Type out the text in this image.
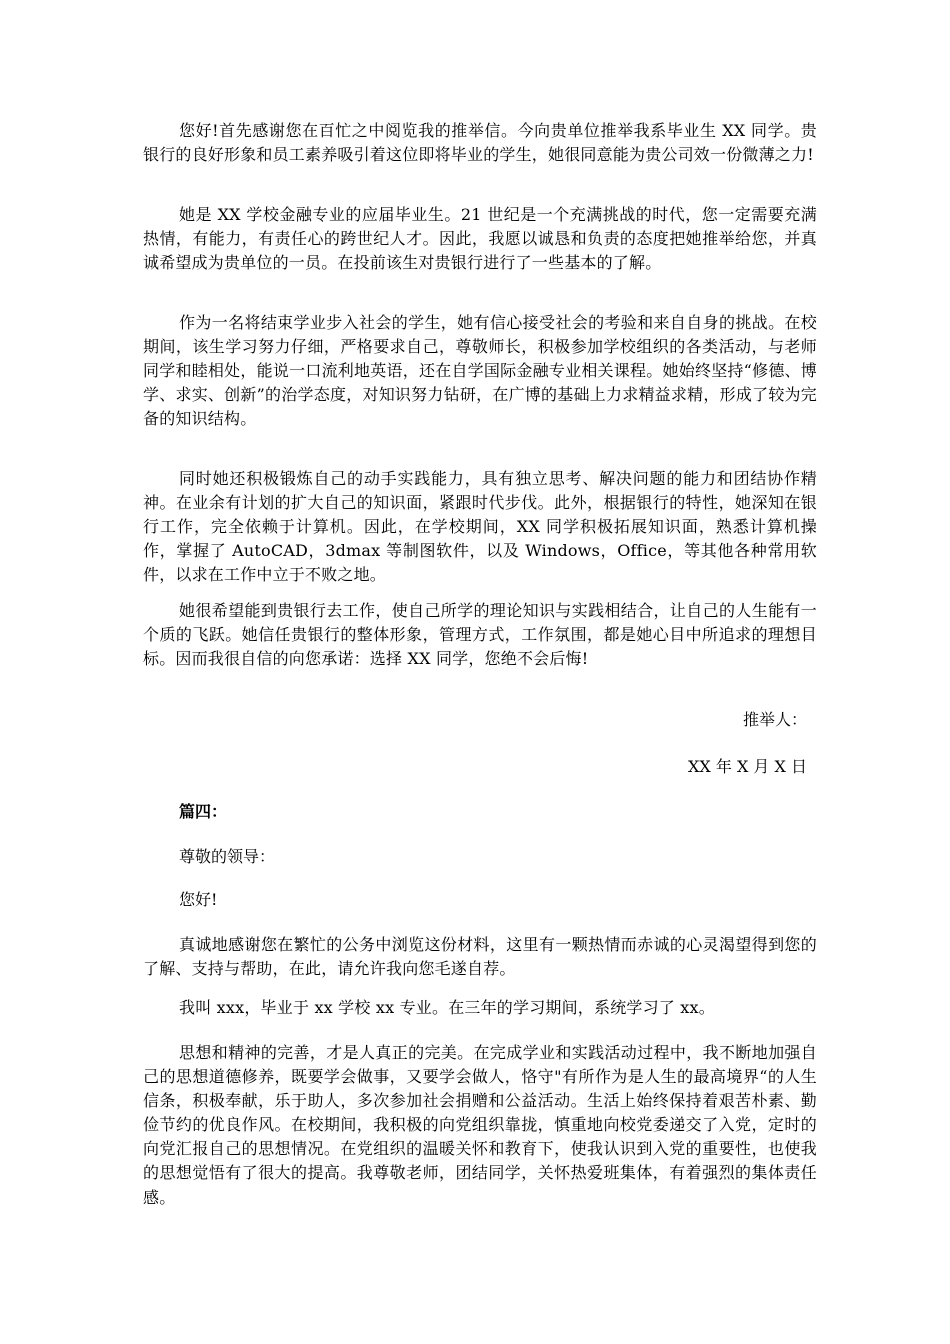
您好!首先感谢您在百忙之中阅览我的推举信。今向贵单位推举我系毕业生 XX 同学。贵银行的良好形象和员工素养吸引着这位即将毕业的学生，她很同意能为贵公司效一份微薄之力!

她是 XX 学校金融专业的应届毕业生。21 世纪是一个充满挑战的时代，您一定需要充满热情，有能力，有责任心的跨世纪人才。因此，我愿以诚恳和负责的态度把她推举给您，并真诚希望成为贵单位的一员。在投前该生对贵银行进行了一些基本的了解。

作为一名将结束学业步入社会的学生，她有信心接受社会的考验和来自自身的挑战。在校期间，该生学习努力仔细，严格要求自己，尊敬师长，积极参加学校组织的各类活动，与老师同学和睦相处，能说一口流利地英语，还在自学国际金融专业相关课程。她始终坚持“修德、博学、求实、创新”的治学态度，对知识努力钻研，在广博的基础上力求精益求精，形成了较为完备的知识结构。

同时她还积极锻炼自己的动手实践能力，具有独立思考、解决问题的能力和团结协作精神。在业余有计划的扩大自己的知识面，紧跟时代步伐。此外，根据银行的特性，她深知在银行工作，完全依赖于计算机。因此，在学校期间，XX 同学积极拓展知识面，熟悉计算机操作，掌握了 AutoCAD，3dmax 等制图软件，以及 Windows，Office，等其他各种常用软件，以求在工作中立于不败之地。

她很希望能到贵银行去工作，使自己所学的理论知识与实践相结合，让自己的人生能有一个质的飞跃。她信任贵银行的整体形象，管理方式，工作氛围，都是她心目中所追求的理想目标。因而我很自信的向您承诺：选择 XX 同学，您绝不会后悔!

推举人：

XX 年 X 月 X 日

篇四：

尊敬的领导：

您好!

真诚地感谢您在繁忙的公务中浏览这份材料，这里有一颗热情而赤诚的心灵渴望得到您的了解、支持与帮助，在此，请允许我向您毛遂自荐。

我叫 xxx，毕业于 xx 学校 xx 专业。在三年的学习期间，系统学习了 xx。

思想和精神的完善，才是人真正的完美。在完成学业和实践活动过程中，我不断地加强自己的思想道德修养，既要学会做事，又要学会做人，恪守"有所作为是人生的最高境界“的人生信条，积极奉献，乐于助人，多次参加社会捐赠和公益活动。生活上始终保持着艰苦朴素、勤俭节约的优良作风。在校期间，我积极的向党组织靠拢，慎重地向校党委递交了入党，定时的向党汇报自己的思想情况。在党组织的温暖关怀和教育下，使我认识到入党的重要性，也使我的思想觉悟有了很大的提高。我尊敬老师，团结同学，关怀热爱班集体，有着强烈的集体责任感。
